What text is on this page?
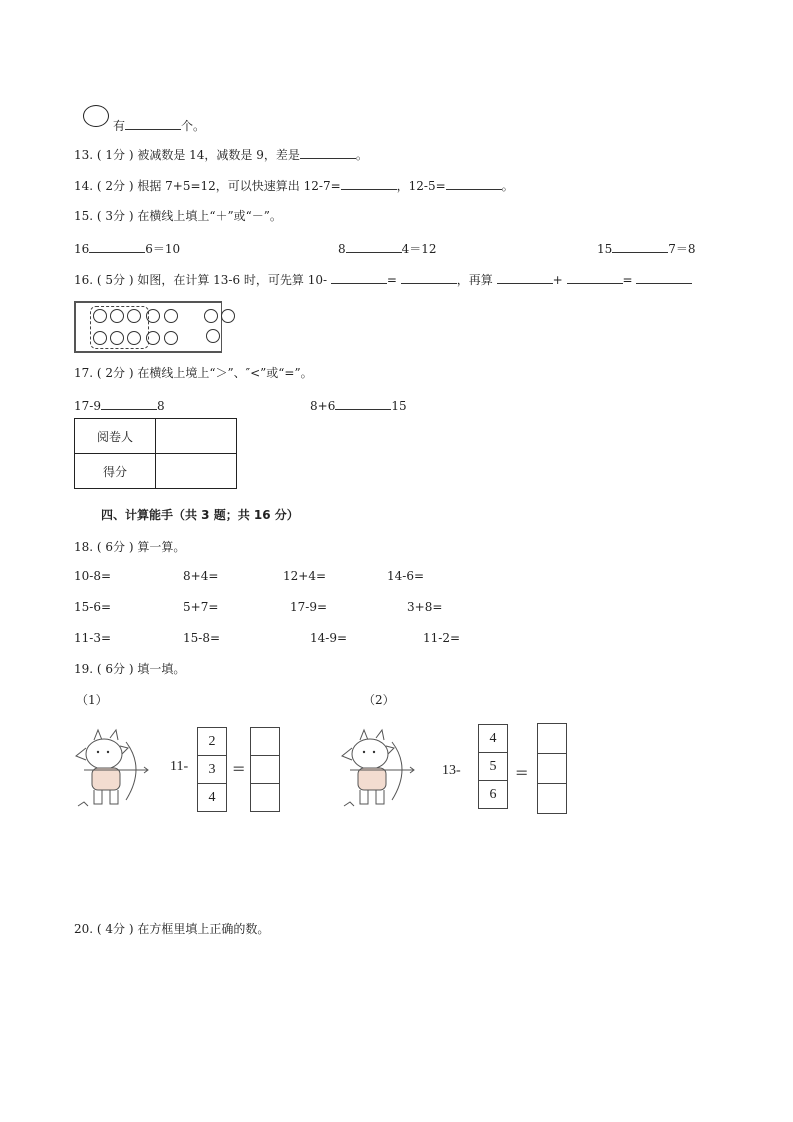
有	个。
13. ( 1分 ) 被减数是 14，减数是 9，差是	。
14. ( 2分 ) 根据 7+5=12，可以快速算出 12-7=	，12-5=	。
15. ( 3分 ) 在横线上填上“＋”或“－”。
16	6＝10	8	4＝12	15	7＝8
16. ( 5分 ) 如图，在计算 13-6 时，可先算 10-	=	，再算	+	=
17. ( 2分 ) 在横线上境上“＞”、″<”或“=”。
17-9	8	8+6	15
阅卷人	
得分	
四、计算能手（共 3 题；共 16 分）
18. ( 6分 ) 算一算。
10-8=	8+4=	12+4=	14-6=
15-6=	5+7=	17-9=	3+8=
11-3=	15-8=	14-9=	11-2=
19. ( 6分 ) 填一填。
（1）	（2）
11-
2
3
4
=	13-
4
5
6
=
20. ( 4分 ) 在方框里填上正确的数。
